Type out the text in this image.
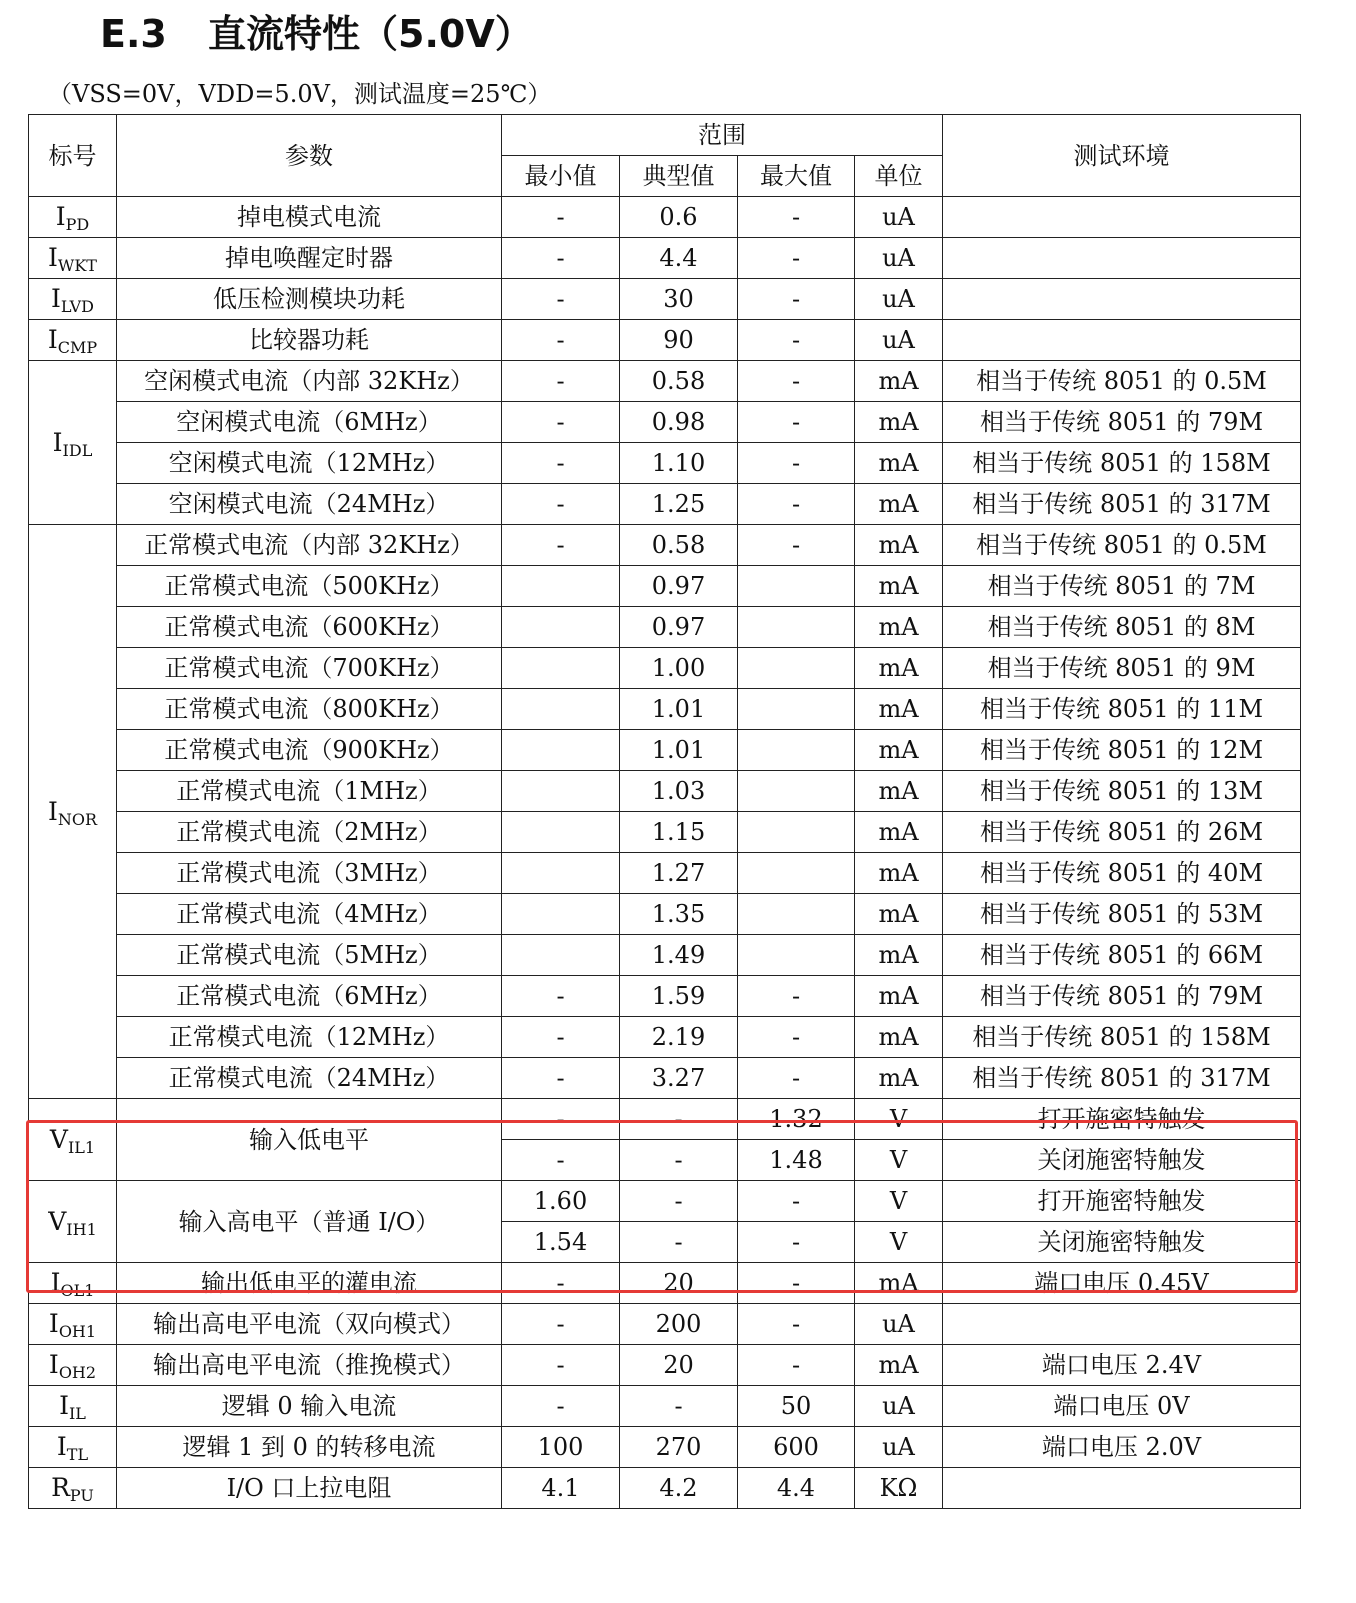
E.3 直流特性（5.0V）
（VSS=0V，VDD=5.0V，测试温度=25℃）
标号	参数	范围				测试环境
		最小值	典型值	最大值	单位	
$I_{PD}$	掉电模式电流	-	0.6	-	uA	
$I_{WKT}$	掉电唤醒定时器	-	4.4	-	uA	
$I_{LVD}$	低压检测模块功耗	-	30	-	uA	
$I_{CMP}$	比较器功耗	-	90	-	uA	
$I_{IDL}$	空闲模式电流（内部 32KHz）	-	0.58	-	mA	相当于传统 8051 的 0.5M
	空闲模式电流（6MHz）	-	0.98	-	mA	相当于传统 8051 的 79M
	空闲模式电流（12MHz）	-	1.10	-	mA	相当于传统 8051 的 158M
	空闲模式电流（24MHz）	-	1.25	-	mA	相当于传统 8051 的 317M
$I_{NOR}$	正常模式电流（内部 32KHz）	-	0.58	-	mA	相当于传统 8051 的 0.5M
	正常模式电流（500KHz）		0.97		mA	相当于传统 8051 的 7M
	正常模式电流（600KHz）		0.97		mA	相当于传统 8051 的 8M
	正常模式电流（700KHz）		1.00		mA	相当于传统 8051 的 9M
	正常模式电流（800KHz）		1.01		mA	相当于传统 8051 的 11M
	正常模式电流（900KHz）		1.01		mA	相当于传统 8051 的 12M
	正常模式电流（1MHz）		1.03		mA	相当于传统 8051 的 13M
	正常模式电流（2MHz）		1.15		mA	相当于传统 8051 的 26M
	正常模式电流（3MHz）		1.27		mA	相当于传统 8051 的 40M
	正常模式电流（4MHz）		1.35		mA	相当于传统 8051 的 53M
	正常模式电流（5MHz）		1.49		mA	相当于传统 8051 的 66M
	正常模式电流（6MHz）	-	1.59	-	mA	相当于传统 8051 的 79M
	正常模式电流（12MHz）	-	2.19	-	mA	相当于传统 8051 的 158M
	正常模式电流（24MHz）	-	3.27	-	mA	相当于传统 8051 的 317M
$V_{IL1}$	输入低电平	-	-	1.32	V	打开施密特触发
		-	-	1.48	V	关闭施密特触发
$V_{IH1}$	输入高电平（普通 I/O）	1.60	-	-	V	打开施密特触发
		1.54	-	-	V	关闭施密特触发
$I_{OL1}$	输出低电平的灌电流	-	20	-	mA	端口电压 0.45V
$I_{OH1}$	输出高电平电流（双向模式）	-	200	-	uA	
$I_{OH2}$	输出高电平电流（推挽模式）	-	20	-	mA	端口电压 2.4V
$I_{IL}$	逻辑 0 输入电流	-	-	50	uA	端口电压 0V
$I_{TL}$	逻辑 1 到 0 的转移电流	100	270	600	uA	端口电压 2.0V
$R_{PU}$	I/O 口上拉电阻	4.1	4.2	4.4	KΩ	
